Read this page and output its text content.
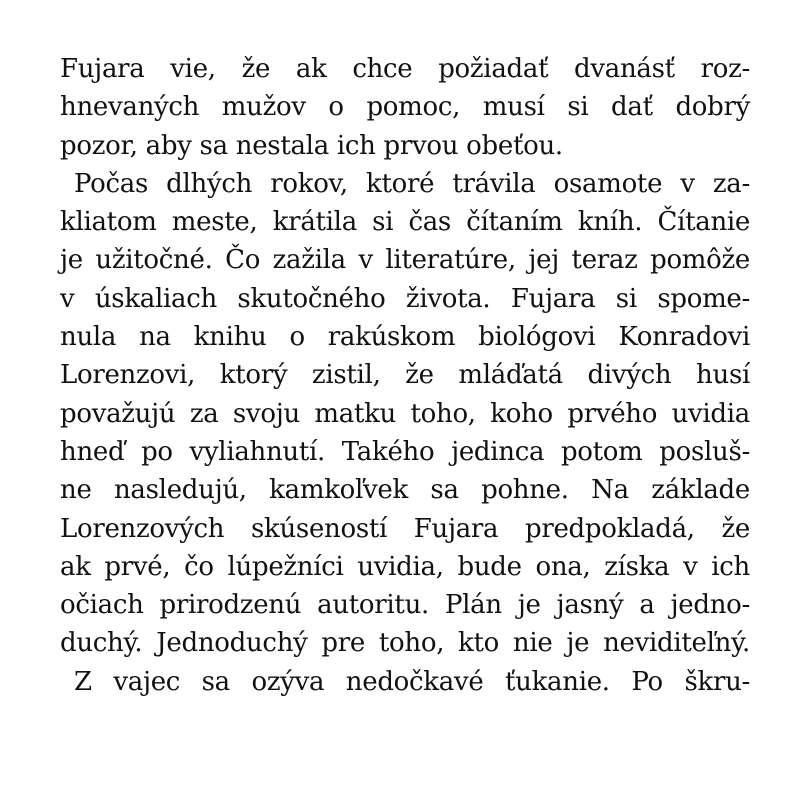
Fujara vie, že ak chce požiadať dvanásť roz-
hnevaných mužov o pomoc, musí si dať dobrý
pozor, aby sa nestala ich prvou obeťou.
Počas dlhých rokov, ktoré trávila osamote v za-
kliatom meste, krátila si čas čítaním kníh. Čítanie
je užitočné. Čo zažila v literatúre, jej teraz pomôže
v úskaliach skutočného života. Fujara si spome-
nula na knihu o rakúskom biológovi Konradovi
Lorenzovi, ktorý zistil, že mláďatá divých husí
považujú za svoju matku toho, koho prvého uvidia
hneď po vyliahnutí. Takého jedinca potom posluš-
ne nasledujú, kamkoľvek sa pohne. Na základe
Lorenzových skúseností Fujara predpokladá, že
ak prvé, čo lúpežníci uvidia, bude ona, získa v ich
očiach prirodzenú autoritu. Plán je jasný a jedno-
duchý. Jednoduchý pre toho, kto nie je neviditeľný.
Z vajec sa ozýva nedočkavé ťukanie. Po škru-
